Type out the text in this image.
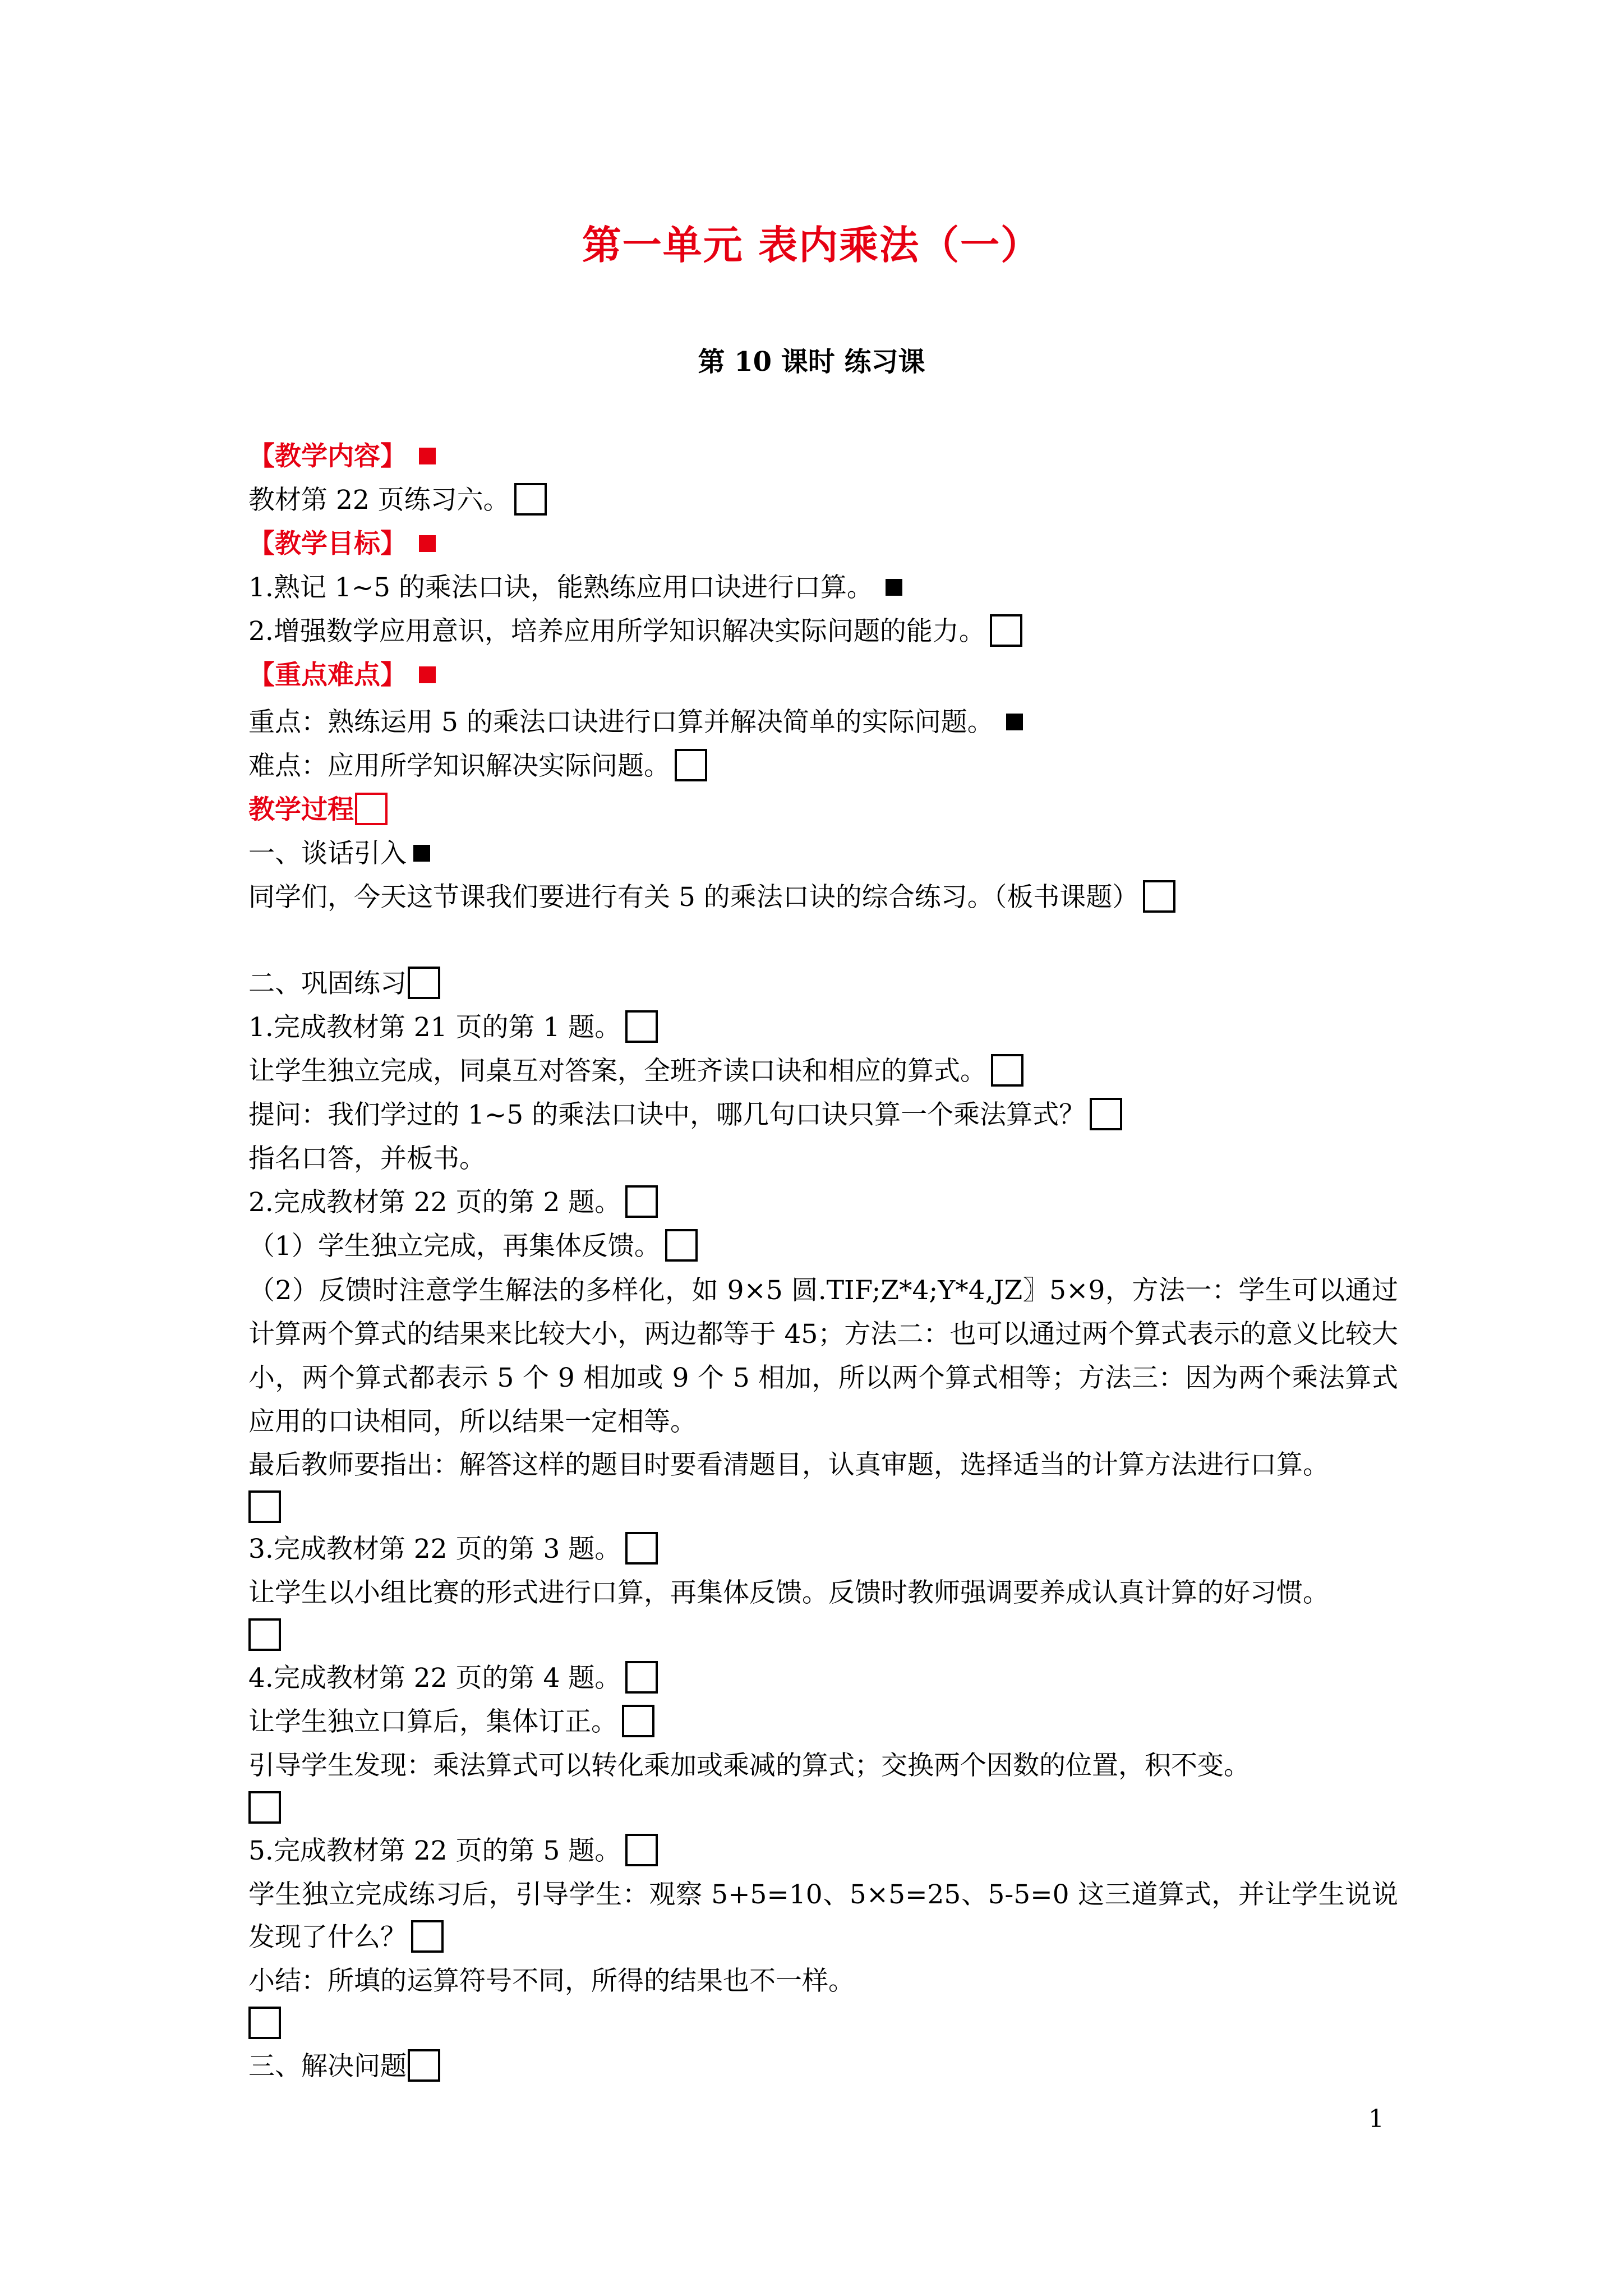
第一单元 表内乘法（一）
第 10 课时 练习课
【教学内容】
教材第 22 页练习六。
【教学目标】
1.熟记 1~5 的乘法口诀，能熟练应用口诀进行口算。
2.增强数学应用意识，培养应用所学知识解决实际问题的能力。
【重点难点】
重点：熟练运用 5 的乘法口诀进行口算并解决简单的实际问题。
难点：应用所学知识解决实际问题。
教学过程
一、谈话引入
同学们，今天这节课我们要进行有关 5 的乘法口诀的综合练习。（板书课题）
二、巩固练习
1.完成教材第 21 页的第 1 题。
让学生独立完成，同桌互对答案，全班齐读口诀和相应的算式。
提问：我们学过的 1~5 的乘法口诀中，哪几句口诀只算一个乘法算式？
指名口答，并板书。
2.完成教材第 22 页的第 2 题。
（1）学生独立完成，再集体反馈。
（2）反馈时注意学生解法的多样化，如 9×5 圆.TIF;Z*4;Y*4,JZ〗5×9，方法一：学生可以通过计算两个算式的结果来比较大小，两边都等于 45；方法二：也可以通过两个算式表示的意义比较大小，两个算式都表示 5 个 9 相加或 9 个 5 相加，所以两个算式相等；方法三：因为两个乘法算式应用的口诀相同，所以结果一定相等。
最后教师要指出：解答这样的题目时要看清题目，认真审题，选择适当的计算方法进行口算。

3.完成教材第 22 页的第 3 题。
让学生以小组比赛的形式进行口算，再集体反馈。反馈时教师强调要养成认真计算的好习惯。

4.完成教材第 22 页的第 4 题。
让学生独立口算后，集体订正。
引导学生发现：乘法算式可以转化乘加或乘减的算式；交换两个因数的位置，积不变。

5.完成教材第 22 页的第 5 题。
学生独立完成练习后，引导学生：观察 5+5=10、5×5=25、5-5=0 这三道算式，并让学生说说发现了什么？
小结：所填的运算符号不同，所得的结果也不一样。

三、解决问题
1
